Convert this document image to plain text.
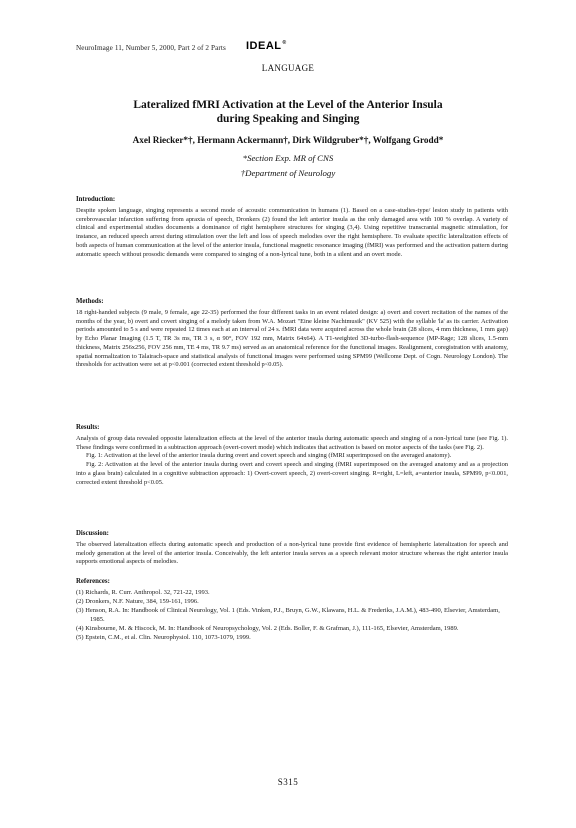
NeuroImage 11, Number 5, 2000, Part 2 of 2 Parts IDEAL®
LANGUAGE
Lateralized fMRI Activation at the Level of the Anterior Insula
during Speaking and Singing
Axel Riecker*†, Hermann Ackermann†, Dirk Wildgruber*†, Wolfgang Grodd*
*Section Exp. MR of CNS
†Department of Neurology
Introduction:

Despite spoken language, singing represents a second mode of acoustic communication in humans (1). Based on a case-studies-type/ lesion study in patients with cerebrovascular infarction suffering from apraxia of speech, Dronkers (2) found the left anterior insula as the only damaged area with 100 % overlap. A variety of clinical and experimental studies documents a dominance of right hemisphere structures for singing (3,4). Using repetitive transcranial magnetic stimulation, for instance, an reduced speech arrest during stimulation over the left and loss of speech melodies over the right hemisphere. To evaluate specific lateralization effects of both aspects of human communication at the level of the anterior insula, functional magnetic resonance imaging (fMRI) was performed and the activation pattern during automatic speech without prosodic demands were compared to singing of a non-lyrical tune, both in a silent and an overt mode.

Methods:

18 right-handed subjects (9 male, 9 female, age 22-35) performed the four different tasks in an event related design: a) overt and covert recitation of the names of the months of the year, b) overt and covert singing of a melody taken from W.A. Mozart "Eine kleine Nachtmusik" (KV 525) with the syllable 'la' as its carrier. Activation periods amounted to 5 s and were repeated 12 times each at an interval of 24 s. fMRI data were acquired across the whole brain (28 slices, 4 mm thickness, 1 mm gap) by Echo Planar Imaging (1.5 T, TR 3s ms, TR 3 s, α 90°, FOV 192 mm, Matrix 64x64). A T1-weighted 3D-turbo-flash-sequence (MP-Rage; 128 slices, 1.5-mm thickness, Matrix 256x256, FOV 256 mm, TE 4 ms, TR 9.7 ms) served as an anatomical reference for the functional images. Realignment, coregistration with anatomy, spatial normalization to Talairach-space and statistical analysis of functional images were performed using SPM99 (Wellcome Dept. of Cogn. Neurology London). The thresholds for activation were set at p<0.001 (corrected extent threshold p<0.05).

Results:

Analysis of group data revealed opposite lateralization effects at the level of the anterior insula during automatic speech and singing of a non-lyrical tune (see Fig. 1). These findings were confirmed in a subtraction approach (overt-covert mode) which indicates that activation is based on motor aspects of the tasks (see Fig. 2).

Fig. 1: Activation at the level of the anterior insula during overt and covert speech and singing (fMRI superimposed on the averaged anatomy).

Fig. 2: Activation at the level of the anterior insula during overt and covert speech and singing (fMRI superimposed on the averaged anatomy and as a projection into a glass brain) calculated in a cognitive subtraction approach: 1) Overt-covert speech, 2) overt-covert singing. R=right, L=left, a=anterior insula, SPM99, p<0.001, corrected extent threshold p<0.05.

Discussion:

The observed lateralization effects during automatic speech and production of a non-lyrical tune provide first evidence of hemispheric lateralization for speech and melody generation at the level of the anterior insula. Conceivably, the left anterior insula serves as a speech relevant motor structure whereas the right anterior insula supports emotional aspects of melodies.

References:
(1) Richards, R. Curr. Anthropol. 32, 721-22, 1993.
(2) Dronkers, N.F. Nature, 384, 159-161, 1996.
(3) Henson, R.A. In: Handbook of Clinical Neurology, Vol. 1 (Eds. Vinken, P.J., Bruyn, G.W., Klawans, H.L. & Frederiks, J.A.M.), 483-490, Elsevier, Amsterdam, 1985.
(4) Kinsbourne, M. & Hiscock, M. In: Handbook of Neuropsychology, Vol. 2 (Eds. Boller, F. & Grafman, J.), 111-165, Elsevier, Amsterdam, 1989.
(5) Epstein, C.M., et al. Clin. Neurophysiol. 110, 1073-1079, 1999.
S315
